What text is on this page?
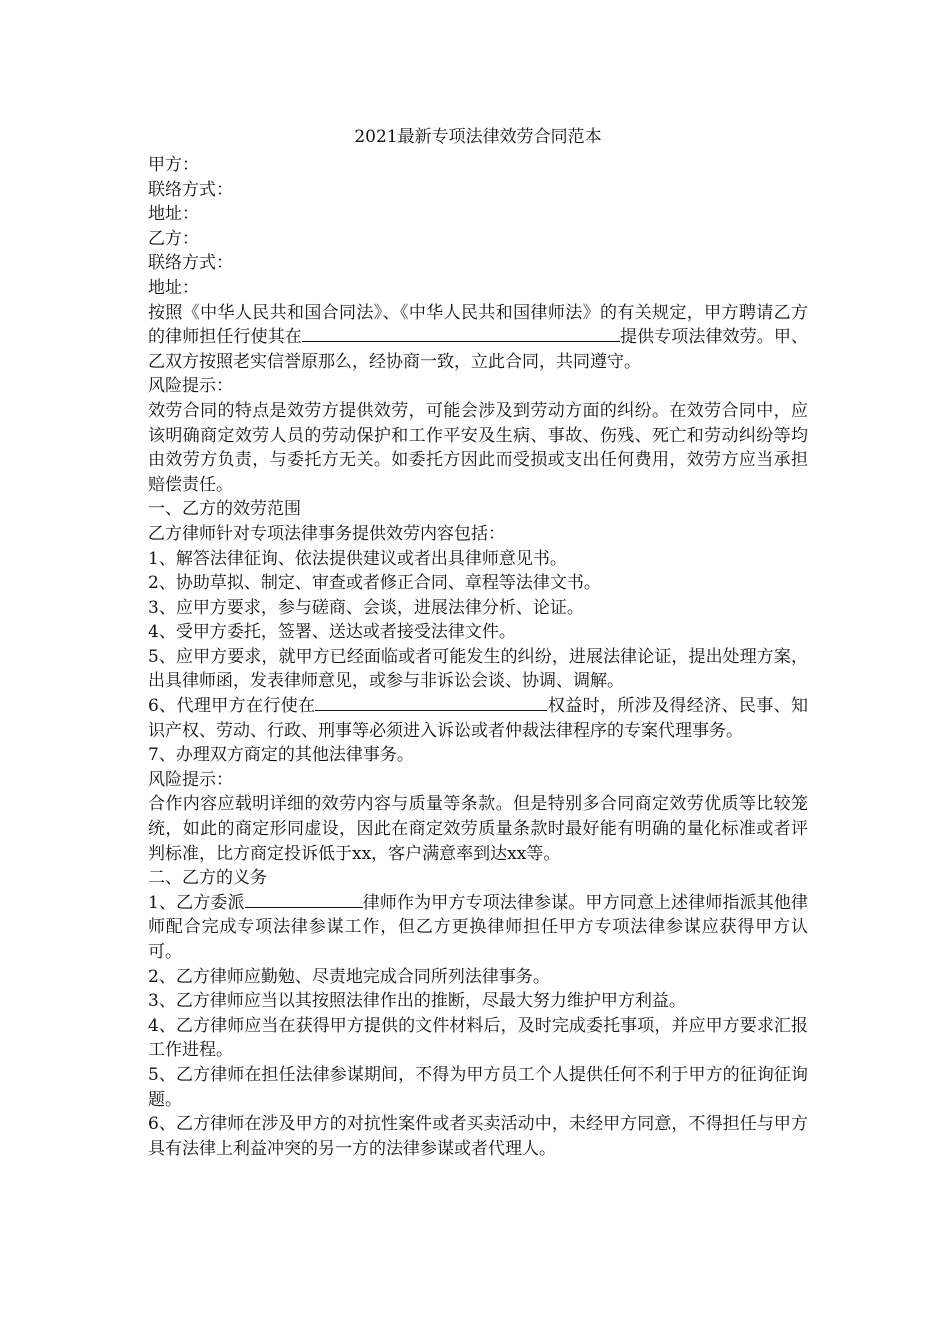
2021最新专项法律效劳合同范本

甲方：

联络方式：

地址：

乙方：

联络方式：

地址：

按照《中华人民共和国合同法》、《中华人民共和国律师法》的有关规定，甲方聘请乙方的律师担任行使其在	提供专项法律效劳。甲、乙双方按照老实信誉原那么，经协商一致，立此合同，共同遵守。

风险提示：

效劳合同的特点是效劳方提供效劳，可能会涉及到劳动方面的纠纷。在效劳合同中，应该明确商定效劳人员的劳动保护和工作平安及生病、事故、伤残、死亡和劳动纠纷等均由效劳方负责，与委托方无关。如委托方因此而受损或支出任何费用，效劳方应当承担赔偿责任。

一、乙方的效劳范围

乙方律师针对专项法律事务提供效劳内容包括：

1、解答法律征询、依法提供建议或者出具律师意见书。

2、协助草拟、制定、审查或者修正合同、章程等法律文书。

3、应甲方要求，参与磋商、会谈，进展法律分析、论证。

4、受甲方委托，签署、送达或者接受法律文件。

5、应甲方要求，就甲方已经面临或者可能发生的纠纷，进展法律论证，提出处理方案，出具律师函，发表律师意见，或参与非诉讼会谈、协调、调解。

6、代理甲方在行使在	权益时，所涉及得经济、民事、知识产权、劳动、行政、刑事等必须进入诉讼或者仲裁法律程序的专案代理事务。

7、办理双方商定的其他法律事务。

风险提示：

合作内容应载明详细的效劳内容与质量等条款。但是特别多合同商定效劳优质等比较笼统，如此的商定形同虚设，因此在商定效劳质量条款时最好能有明确的量化标准或者评判标准，比方商定投诉低于xx，客户满意率到达xx等。

二、乙方的义务

1、乙方委派	律师作为甲方专项法律参谋。甲方同意上述律师指派其他律师配合完成专项法律参谋工作，但乙方更换律师担任甲方专项法律参谋应获得甲方认可。

2、乙方律师应勤勉、尽责地完成合同所列法律事务。

3、乙方律师应当以其按照法律作出的推断，尽最大努力维护甲方利益。

4、乙方律师应当在获得甲方提供的文件材料后，及时完成委托事项，并应甲方要求汇报工作进程。

5、乙方律师在担任法律参谋期间，不得为甲方员工个人提供任何不利于甲方的征询征询题。

6、乙方律师在涉及甲方的对抗性案件或者买卖活动中，未经甲方同意，不得担任与甲方具有法律上利益冲突的另一方的法律参谋或者代理人。
